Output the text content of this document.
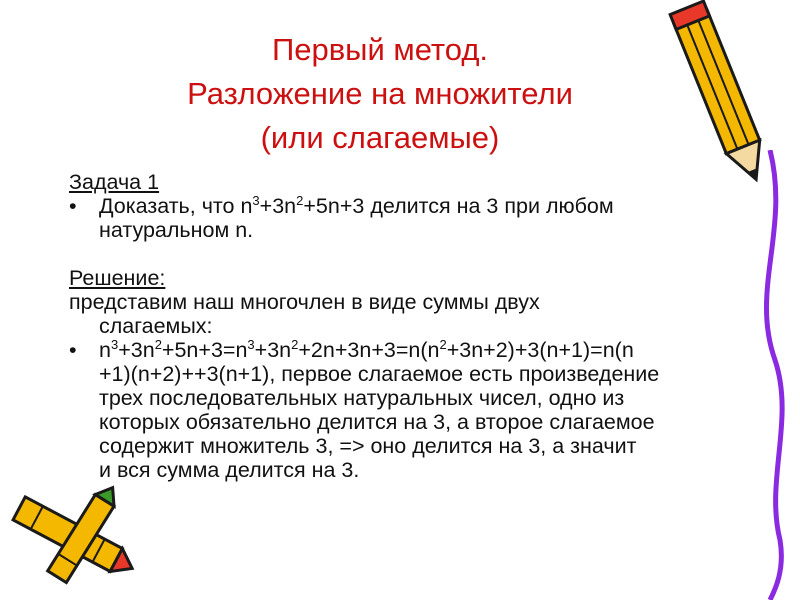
Первый метод.
Разложение на множители
(или слагаемые)
Задача 1
• Доказать, что $n^3+3n^2+5n+3$ делится на 3 при любом
натуральном n.
Решение:
представим наш многочлен в виде суммы двух
слагаемых:
• $n^3+3n^2+5n+3=n^3+3n^2+2n+3n+3=n(n^2+3n+2)+3(n+1)=n(n$
+1)(n+2)++3(n+1), первое слагаемое есть произведение
трех последовательных натуральных чисел, одно из
которых обязательно делится на 3, а второе слагаемое
содержит множитель 3, => оно делится на 3, а значит
и вся сумма делится на 3.
